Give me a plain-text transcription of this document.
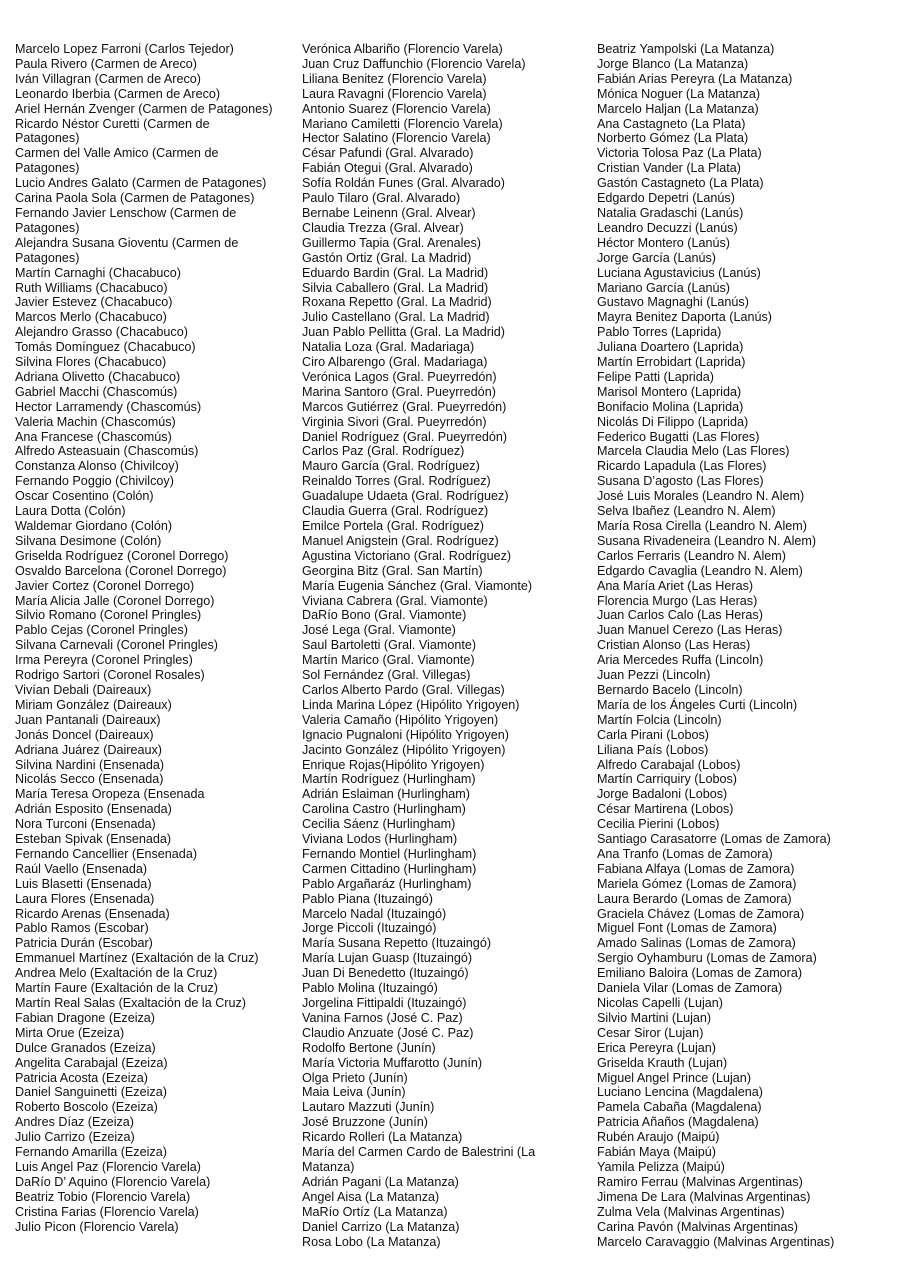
Marcelo Lopez Farroni (Carlos Tejedor)
Paula Rivero (Carmen de Areco)
Iván Villagran (Carmen de Areco)
Leonardo Iberbia (Carmen de Areco)
Ariel Hernán Zvenger (Carmen de Patagones)
Ricardo Néstor Curetti (Carmen de Patagones)
Carmen del Valle Amico (Carmen de Patagones)
Lucio Andres Galato (Carmen de Patagones)
Carina Paola Sola (Carmen de Patagones)
Fernando Javier Lenschow (Carmen de Patagones)
Alejandra Susana Gioventu (Carmen de Patagones)
Martín Carnaghi (Chacabuco)
Ruth Williams (Chacabuco)
Javier Estevez (Chacabuco)
Marcos Merlo (Chacabuco)
Alejandro Grasso (Chacabuco)
Tomás Domínguez (Chacabuco)
Silvina Flores (Chacabuco)
Adriana Olivetto (Chacabuco)
Gabriel Macchi (Chascomús)
Hector Larramendy (Chascomús)
Valeria Machin (Chascomús)
Ana Francese (Chascomús)
Alfredo Asteasuain (Chascomús)
Constanza Alonso (Chivilcoy)
Fernando Poggio (Chivilcoy)
Oscar Cosentino (Colón)
Laura Dotta (Colón)
Waldemar Giordano (Colón)
Silvana Desimone (Colón)
Griselda Rodríguez (Coronel Dorrego)
Osvaldo Barcelona (Coronel Dorrego)
Javier Cortez (Coronel Dorrego)
María Alicia Jalle (Coronel Dorrego)
Silvio Romano (Coronel Pringles)
Pablo Cejas (Coronel Pringles)
Silvana Carnevali (Coronel Pringles)
Irma Pereyra (Coronel Pringles)
Rodrigo Sartori (Coronel Rosales)
Vivían Debali (Daireaux)
Miriam González (Daireaux)
Juan Pantanali (Daireaux)
Jonás Doncel (Daireaux)
Adriana Juárez (Daireaux)
Silvina Nardini (Ensenada)
Nicolás Secco (Ensenada)
María Teresa Oropeza (Ensenada
Adrián Esposito (Ensenada)
Nora Turconi (Ensenada)
Esteban Spivak (Ensenada)
Fernando Cancellier (Ensenada)
Raúl Vaello (Ensenada)
Luis Blasetti (Ensenada)
Laura Flores (Ensenada)
Ricardo Arenas (Ensenada)
Pablo Ramos (Escobar)
Patricia Durán (Escobar)
Emmanuel Martínez (Exaltación de la Cruz)
Andrea Melo (Exaltación de la Cruz)
Martín Faure (Exaltación de la Cruz)
Martín Real Salas (Exaltación de la Cruz)
Fabian Dragone (Ezeiza)
Mirta Orue (Ezeiza)
Dulce Granados (Ezeiza)
Angelita Carabajal (Ezeiza)
Patricia Acosta (Ezeiza)
Daniel Sanguinetti (Ezeiza)
Roberto Boscolo (Ezeiza)
Andres Díaz (Ezeiza)
Julio Carrizo (Ezeiza)
Fernando Amarilla (Ezeiza)
Luis Angel Paz (Florencio Varela)
DaRío D’ Aquino (Florencio Varela)
Beatriz Tobio (Florencio Varela)
Cristina Farias (Florencio Varela)
Julio Picon (Florencio Varela)
Verónica Albariño (Florencio Varela)
Juan Cruz Daffunchio (Florencio Varela)
Liliana Benitez (Florencio Varela)
Laura Ravagni (Florencio Varela)
Antonio Suarez (Florencio Varela)
Mariano Camiletti (Florencio Varela)
Hector Salatino (Florencio Varela)
César Pafundi (Gral. Alvarado)
Fabián Otegui (Gral. Alvarado)
Sofía Roldán Funes (Gral. Alvarado)
Paulo Tilaro (Gral. Alvarado)
Bernabe Leinenn (Gral. Alvear)
Claudia Trezza (Gral. Alvear)
Guillermo Tapia (Gral. Arenales)
Gastón Ortiz (Gral. La Madrid)
Eduardo Bardin (Gral. La Madrid)
Silvia Caballero (Gral. La Madrid)
Roxana Repetto (Gral. La Madrid)
Julio Castellano (Gral. La Madrid)
Juan Pablo Pellitta (Gral. La Madrid)
Natalia Loza (Gral. Madariaga)
Ciro Albarengo (Gral. Madariaga)
Verónica Lagos (Gral. Pueyrredón)
Marina Santoro (Gral. Pueyrredón)
Marcos Gutiérrez (Gral. Pueyrredón)
Virginia Sivori (Gral. Pueyrredón)
Daniel Rodríguez (Gral. Pueyrredón)
Carlos Paz (Gral. Rodríguez)
Mauro García (Gral. Rodríguez)
Reinaldo Torres (Gral. Rodríguez)
Guadalupe Udaeta (Gral. Rodríguez)
Claudia Guerra (Gral. Rodríguez)
Emilce Portela (Gral. Rodríguez)
Manuel Anigstein (Gral. Rodríguez)
Agustina Victoriano (Gral. Rodríguez)
Georgina Bitz (Gral. San Martín)
María Eugenia Sánchez (Gral. Viamonte)
Viviana Cabrera (Gral. Viamonte)
DaRío Bono (Gral. Viamonte)
José Lega (Gral. Viamonte)
Saul Bartoletti (Gral. Viamonte)
Martín Marico (Gral. Viamonte)
Sol Fernández (Gral. Villegas)
Carlos Alberto Pardo (Gral. Villegas)
Linda Marina López (Hipólito Yrigoyen)
Valeria Camaño (Hipólito Yrigoyen)
Ignacio Pugnaloni (Hipólito Yrigoyen)
Jacinto González (Hipólito Yrigoyen)
Enrique Rojas(Hipólito Yrigoyen)
Martín Rodríguez (Hurlingham)
Adrián Eslaiman (Hurlingham)
Carolina Castro (Hurlingham)
Cecilia Sáenz (Hurlingham)
Viviana Lodos (Hurlingham)
Fernando Montiel (Hurlingham)
Carmen Cittadino (Hurlingham)
Pablo Argañaráz (Hurlingham)
Pablo Piana (Ituzaingó)
Marcelo Nadal (Ituzaingó)
Jorge Piccoli (Ituzaingó)
María Susana Repetto (Ituzaingó)
María Lujan Guasp (Ituzaingó)
Juan Di Benedetto (Ituzaingó)
Pablo Molina (Ituzaingó)
Jorgelina Fittipaldi (Ituzaingó)
Vanina Farnos (José C. Paz)
Claudio Anzuate (José C. Paz)
Rodolfo Bertone (Junín)
María Victoria Muffarotto (Junín)
Olga Prieto (Junín)
Maia Leiva (Junín)
Lautaro Mazzuti (Junín)
José Bruzzone (Junín)
Ricardo Rolleri (La Matanza)
María del Carmen Cardo de Balestrini (La Matanza)
Adrián Pagani (La Matanza)
Angel Aisa (La Matanza)
MaRío Ortíz (La Matanza)
Daniel Carrizo (La Matanza)
Rosa Lobo (La Matanza)
Beatriz Yampolski (La Matanza)
Jorge Blanco (La Matanza)
Fabián Arias Pereyra (La Matanza)
Mónica Noguer (La Matanza)
Marcelo Haljan (La Matanza)
Ana Castagneto (La Plata)
Norberto Gómez (La Plata)
Victoria Tolosa Paz (La Plata)
Cristian Vander (La Plata)
Gastón Castagneto (La Plata)
Edgardo Depetri (Lanús)
Natalia Gradaschi (Lanús)
Leandro Decuzzi (Lanús)
Héctor Montero (Lanús)
Jorge García (Lanús)
Luciana Agustavicius (Lanús)
Mariano García (Lanús)
Gustavo Magnaghi (Lanús)
Mayra Benitez Daporta (Lanús)
Pablo Torres (Laprida)
Juliana Doartero (Laprida)
Martín Errobidart (Laprida)
Felipe Patti (Laprida)
Marisol Montero (Laprida)
Bonifacio Molina (Laprida)
Nicolás Di Filippo (Laprida)
Federico Bugatti (Las Flores)
Marcela Claudia Melo (Las Flores)
Ricardo Lapadula (Las Flores)
Susana D’agosto (Las Flores)
José Luis Morales (Leandro N. Alem)
Selva Ibañez (Leandro N. Alem)
María Rosa Cirella (Leandro N. Alem)
Susana Rivadeneira (Leandro N. Alem)
Carlos Ferraris (Leandro N. Alem)
Edgardo Cavaglia (Leandro N. Alem)
Ana María Ariet (Las Heras)
Florencia Murgo (Las Heras)
Juan Carlos Calo (Las Heras)
Juan Manuel Cerezo (Las Heras)
Cristian Alonso (Las Heras)
Aria Mercedes Ruffa (Lincoln)
Juan Pezzi (Lincoln)
Bernardo Bacelo (Lincoln)
María de los Ángeles Curti (Lincoln)
Martín Folcia (Lincoln)
Carla Pirani (Lobos)
Liliana País (Lobos)
Alfredo Carabajal (Lobos)
Martín Carriquiry (Lobos)
Jorge Badaloni (Lobos)
César Martirena (Lobos)
Cecilia Pierini (Lobos)
Santiago Carasatorre (Lomas de Zamora)
Ana Tranfo (Lomas de Zamora)
Fabiana Alfaya (Lomas de Zamora)
Mariela Gómez (Lomas de Zamora)
Laura Berardo (Lomas de Zamora)
Graciela Chávez (Lomas de Zamora)
Miguel Font (Lomas de Zamora)
Amado Salinas (Lomas de Zamora)
Sergio Oyhamburu (Lomas de Zamora)
Emiliano Baloira (Lomas de Zamora)
Daniela Vilar (Lomas de Zamora)
Nicolas Capelli (Lujan)
Silvio Martini (Lujan)
Cesar Siror (Lujan)
Erica Pereyra (Lujan)
Griselda Krauth (Lujan)
Miguel Angel Prince (Lujan)
Luciano Lencina (Magdalena)
Pamela Cabaña (Magdalena)
Patricia Añaños (Magdalena)
Rubén Araujo (Maipú)
Fabián Maya (Maipú)
Yamila Pelizza (Maipú)
Ramiro Ferrau (Malvinas Argentinas)
Jimena De Lara (Malvinas Argentinas)
Zulma Vela (Malvinas Argentinas)
Carina Pavón (Malvinas Argentinas)
Marcelo Caravaggio (Malvinas Argentinas)
